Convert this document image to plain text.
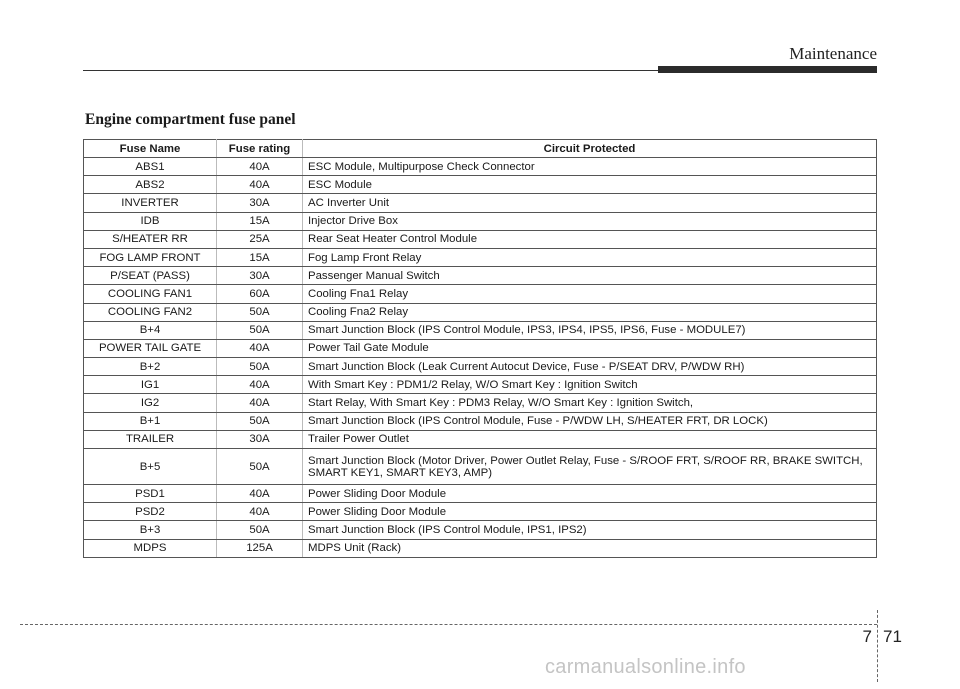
Maintenance
Engine compartment fuse panel
Fuse Name	Fuse rating	Circuit Protected
ABS1	40A	ESC Module, Multipurpose Check Connector
ABS2	40A	ESC Module
INVERTER	30A	AC Inverter Unit
IDB	15A	Injector Drive Box
S/HEATER RR	25A	Rear Seat Heater Control Module
FOG LAMP FRONT	15A	Fog Lamp Front Relay
P/SEAT (PASS)	30A	Passenger Manual Switch
COOLING FAN1	60A	Cooling Fna1 Relay
COOLING FAN2	50A	Cooling Fna2 Relay
B+4	50A	Smart Junction Block (IPS Control Module, IPS3, IPS4, IPS5, IPS6, Fuse - MODULE7)
POWER TAIL GATE	40A	Power Tail Gate Module
B+2	50A	Smart Junction Block (Leak Current Autocut Device, Fuse - P/SEAT DRV, P/WDW RH)
IG1	40A	With Smart Key : PDM1/2 Relay, W/O Smart Key : Ignition Switch
IG2	40A	Start Relay, With Smart Key : PDM3 Relay, W/O Smart Key : Ignition Switch,
B+1	50A	Smart Junction Block (IPS Control Module, Fuse - P/WDW LH, S/HEATER FRT, DR LOCK)
TRAILER	30A	Trailer Power Outlet
B+5	50A	Smart Junction Block (Motor Driver, Power Outlet Relay, Fuse - S/ROOF FRT, S/ROOF RR, BRAKE SWITCH, SMART KEY1, SMART KEY3, AMP)
PSD1	40A	Power Sliding Door Module
PSD2	40A	Power Sliding Door Module
B+3	50A	Smart Junction Block (IPS Control Module, IPS1, IPS2)
MDPS	125A	MDPS Unit (Rack)
7 71
carmanualsonline.info
